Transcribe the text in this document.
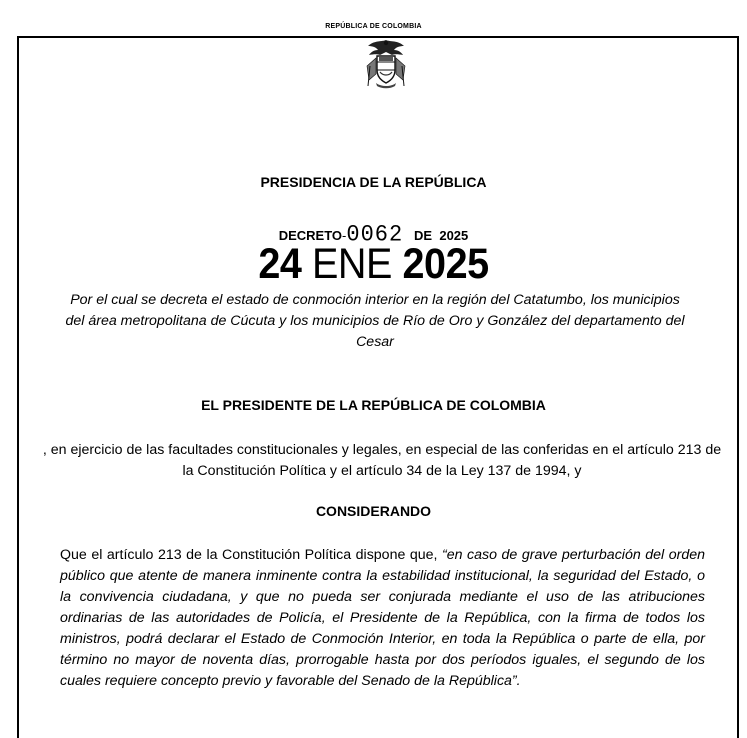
REPÚBLICA DE COLOMBIA
PRESIDENCIA DE LA REPÚBLICA
DECRETO-0062 DE 2025
24 ENE 2025
Por el cual se decreta el estado de conmoción interior en la región del Catatumbo, los municipios del área metropolitana de Cúcuta y los municipios de Río de Oro y González del departamento del Cesar
EL PRESIDENTE DE LA REPÚBLICA DE COLOMBIA
, en ejercicio de las facultades constitucionales y legales, en especial de las conferidas en el artículo 213 de la Constitución Política y el artículo 34 de la Ley 137 de 1994, y
CONSIDERANDO
Que el artículo 213 de la Constitución Política dispone que, “en caso de grave perturbación del orden público que atente de manera inminente contra la estabilidad institucional, la seguridad del Estado, o la convivencia ciudadana, y que no pueda ser conjurada mediante el uso de las atribuciones ordinarias de las autoridades de Policía, el Presidente de la República, con la firma de todos los ministros, podrá declarar el Estado de Conmoción Interior, en toda la República o parte de ella, por término no mayor de noventa días, prorrogable hasta por dos períodos iguales, el segundo de los cuales requiere concepto previo y favorable del Senado de la República”.
